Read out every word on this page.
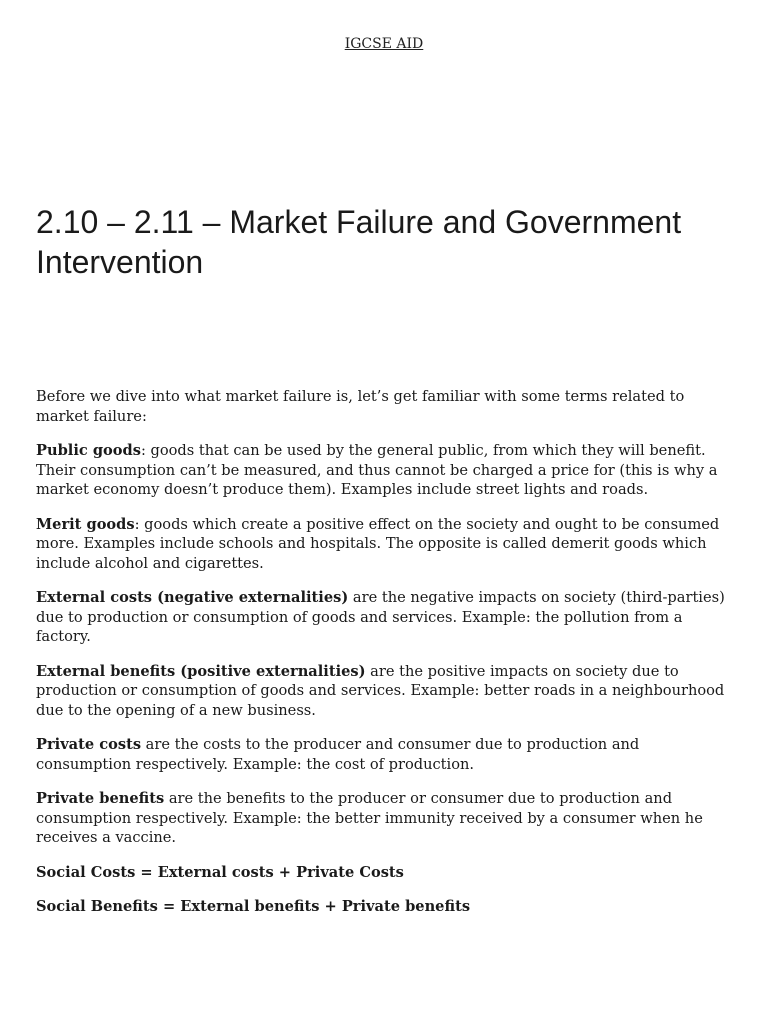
IGCSE AID
2.10 – 2.11 – Market Failure and Government Intervention

Before we dive into what market failure is, let’s get familiar with some terms related to market failure:

Public goods: goods that can be used by the general public, from which they will benefit. Their consumption can’t be measured, and thus cannot be charged a price for (this is why a market economy doesn’t produce them). Examples include street lights and roads.

Merit goods: goods which create a positive effect on the society and ought to be consumed more. Examples include schools and hospitals. The opposite is called demerit goods which include alcohol and cigarettes.

External costs (negative externalities) are the negative impacts on society (third-parties) due to production or consumption of goods and services. Example: the pollution from a factory.

External benefits (positive externalities) are the positive impacts on society due to production or consumption of goods and services. Example: better roads in a neighbourhood due to the opening of a new business.

Private costs are the costs to the producer and consumer due to production and consumption respectively. Example: the cost of production.

Private benefits are the benefits to the producer or consumer due to production and consumption respectively. Example: the better immunity received by a consumer when he receives a vaccine.

Social Costs = External costs + Private Costs

Social Benefits = External benefits + Private benefits
